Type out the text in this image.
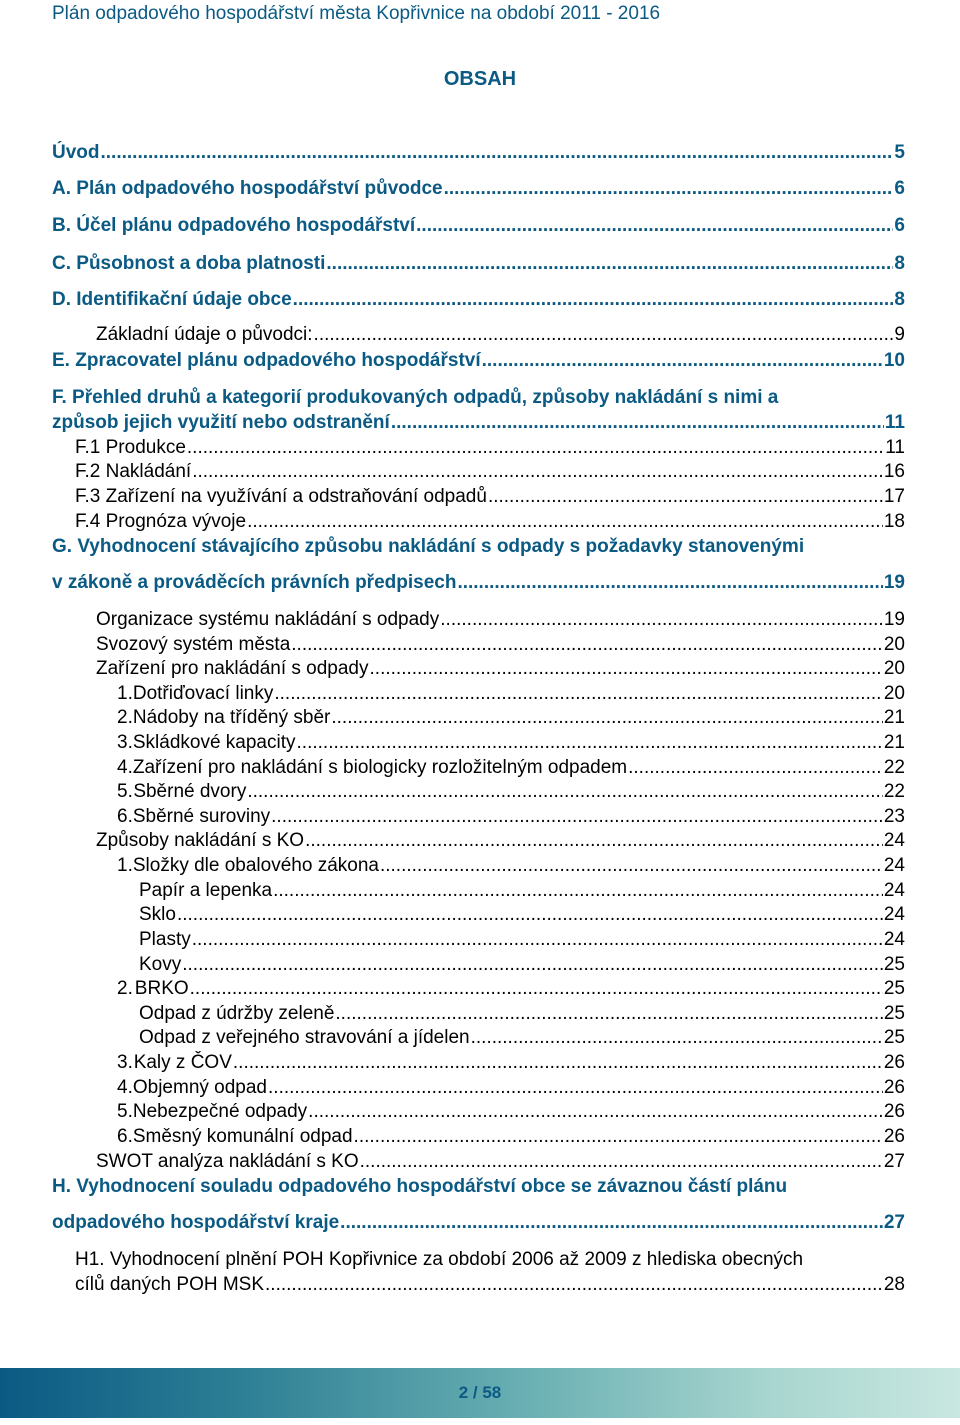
Plán odpadového hospodářství města Kopřivnice na období 2011 - 2016
OBSAH
Úvod .....	5
A. Plán odpadového hospodářství původce .....	6
B. Účel plánu odpadového hospodářství .....	6
C. Působnost a doba platnosti .....	8
D. Identifikační údaje obce .....	8
Základní údaje o původci: .....	9
E. Zpracovatel plánu odpadového hospodářství .....	10
F. Přehled druhů a kategorií produkovaných odpadů, způsoby nakládání s nimi a
způsob jejich využití nebo odstranění .....	11
F.1 Produkce .....	11
F.2 Nakládání .....	16
F.3 Zařízení na využívání a odstraňování odpadů .....	17
F.4 Prognóza vývoje .....	18
G. Vyhodnocení stávajícího způsobu nakládání s odpady s požadavky stanovenými
v zákoně a prováděcích právních předpisech .....	19
Organizace systému nakládání s odpady .....	19
Svozový systém města .....	20
Zařízení pro nakládání s odpady .....	20
1. Dotřiďovací linky .....	20
2. Nádoby na tříděný sběr .....	21
3. Skládkové kapacity .....	21
4. Zařízení pro nakládání s biologicky rozložitelným odpadem .....	22
5. Sběrné dvory .....	22
6. Sběrné suroviny .....	23
Způsoby nakládání s KO .....	24
1. Složky dle obalového zákona .....	24
Papír a lepenka .....	24
Sklo .....	24
Plasty .....	24
Kovy .....	25
2. BRKO .....	25
Odpad z údržby zeleně .....	25
Odpad z veřejného stravování a jídelen .....	25
3. Kaly z ČOV .....	26
4. Objemný odpad .....	26
5. Nebezpečné odpady .....	26
6. Směsný komunální odpad .....	26
SWOT analýza nakládání s KO .....	27
H. Vyhodnocení souladu odpadového hospodářství obce se závaznou částí plánu
odpadového hospodářství kraje .....	27
H1. Vyhodnocení plnění POH Kopřivnice za období 2006 až 2009 z hlediska obecných
cílů daných POH MSK .....	28
2 / 58
